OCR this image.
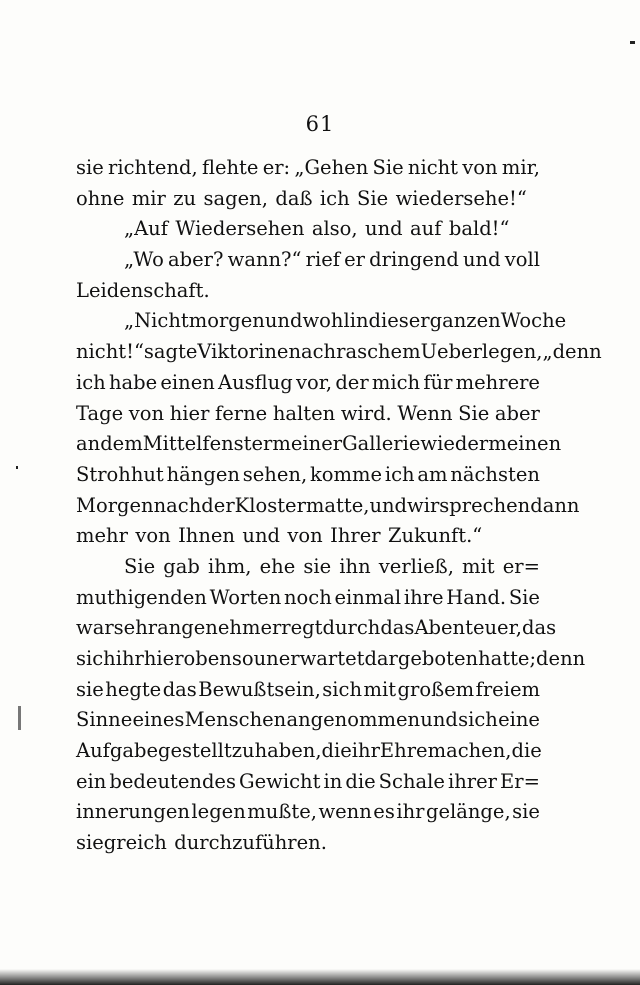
61
sie richtend, flehte er: „Gehen Sie nicht von mir,
ohne mir zu sagen, daß ich Sie wiedersehe!“
„Auf Wiedersehen also, und auf bald!“
„Wo aber? wann?“ rief er dringend und voll
Leidenschaft.
„Nicht morgen und wohl in dieser ganzen Woche
nicht!“ sagte Viktorine nach raschem Ueberlegen, „denn
ich habe einen Ausflug vor, der mich für mehrere
Tage von hier ferne halten wird. Wenn Sie aber
an dem Mittelfenster meiner Gallerie wieder meinen
Strohhut hängen sehen, komme ich am nächsten
Morgen nach der Klostermatte, und wir sprechen dann
mehr von Ihnen und von Ihrer Zukunft.“
Sie gab ihm, ehe sie ihn verließ, mit er=
muthigenden Worten noch einmal ihre Hand. Sie
war sehr angenehm erregt durch das Abenteuer, das
sich ihr hier oben so unerwartet dargeboten hatte; denn
sie hegte das Bewußtsein, sich mit großem freiem
Sinne eines Menschen angenommen und sich eine
Aufgabe gestellt zu haben, die ihr Ehre machen, die
ein bedeutendes Gewicht in die Schale ihrer Er=
innerungen legen mußte, wenn es ihr gelänge, sie
siegreich durchzuführen.
